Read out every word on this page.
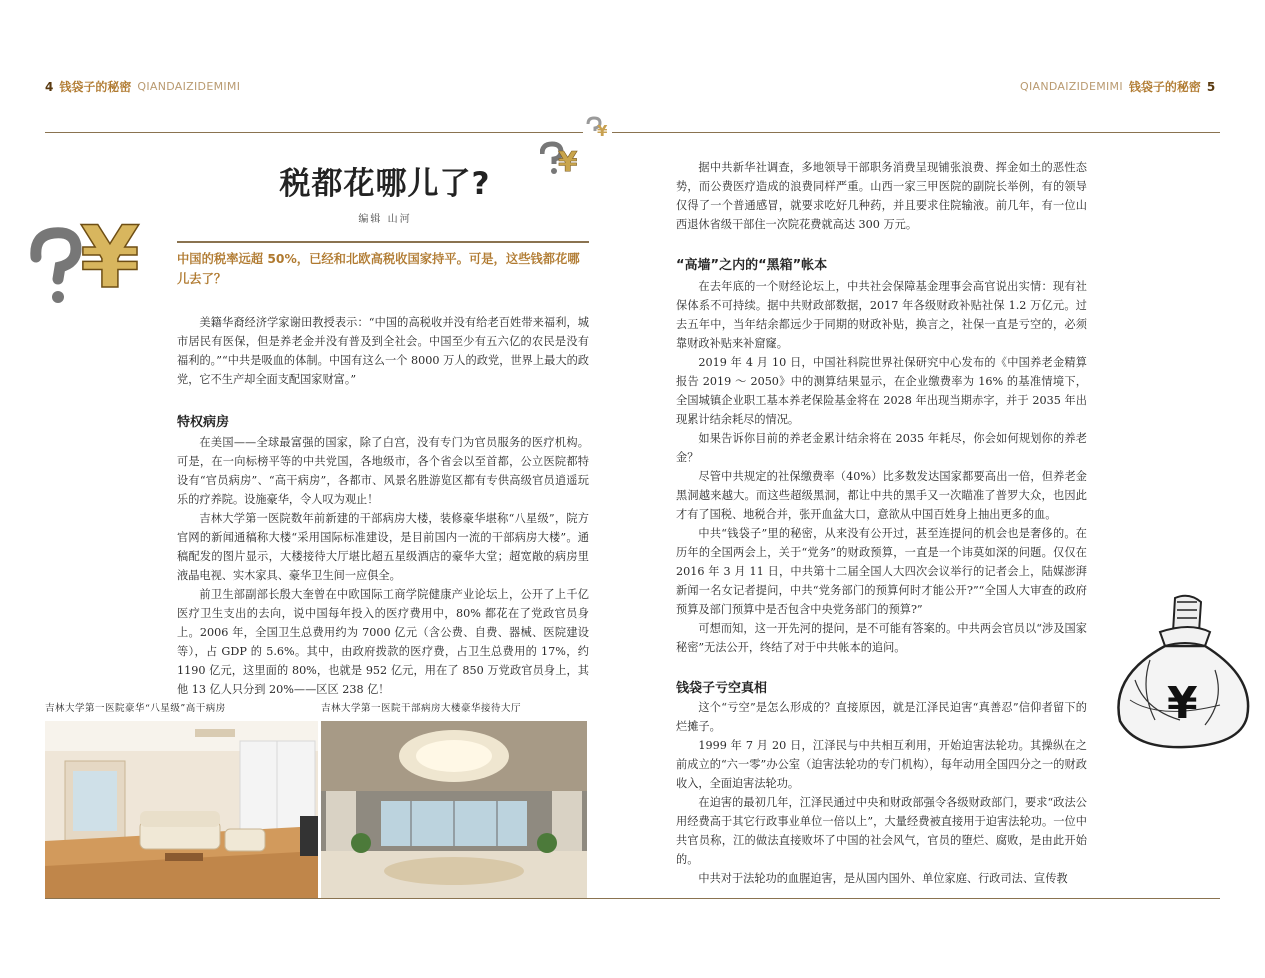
4 钱袋子的秘密 QIANDAIZIDEMIMI	QIANDAIZIDEMIMI 钱袋子的秘密 5
¥
¥
¥
税都花哪儿了?
编辑 山河
中国的税率远超 50%，已经和北欧高税收国家持平。可是，这些钱都花哪儿去了？

美籍华裔经济学家谢田教授表示：“中国的高税收并没有给老百姓带来福利，城市居民有医保，但是养老金并没有普及到全社会。中国至少有五六亿的农民是没有福利的。”“中共是吸血的体制。中国有这么一个 8000 万人的政党，世界上最大的政党，它不生产却全面支配国家财富。”

特权病房

在美国——全球最富强的国家，除了白宫，没有专门为官员服务的医疗机构。可是，在一向标榜平等的中共党国，各地级市，各个省会以至首都，公立医院都特设有“官员病房”、“高干病房”，各都市、风景名胜游览区都有专供高级官员逍遥玩乐的疗养院。设施豪华，令人叹为观止！

吉林大学第一医院数年前新建的干部病房大楼，装修豪华堪称“八星级”，院方官网的新闻通稿称大楼“采用国际标准建设，是目前国内一流的干部病房大楼”。通稿配发的图片显示，大楼接待大厅堪比超五星级酒店的豪华大堂；超宽敞的病房里液晶电视、实木家具、豪华卫生间一应俱全。

前卫生部副部长殷大奎曾在中欧国际工商学院健康产业论坛上，公开了上千亿医疗卫生支出的去向，说中国每年投入的医疗费用中，80% 都花在了党政官员身上。2006 年，全国卫生总费用约为 7000 亿元（含公费、自费、器械、医院建设等），占 GDP 的 5.6%。其中，由政府拨款的医疗费，占卫生总费用的 17%，约 1190 亿元，这里面的 80%，也就是 952 亿元，用在了 850 万党政官员身上，其他 13 亿人只分到 20%——区区 238 亿！

吉林大学第一医院豪华“八星级”高干病房	吉林大学第一医院干部病房大楼豪华接待大厅

据中共新华社调查，多地领导干部职务消费呈现铺张浪费、挥金如土的恶性态势，而公费医疗造成的浪费同样严重。山西一家三甲医院的副院长举例，有的领导仅得了一个普通感冒，就要求吃好几种药，并且要求住院输液。前几年，有一位山西退休省级干部住一次院花费就高达 300 万元。

“高墙”之内的“黑箱”帐本

在去年底的一个财经论坛上，中共社会保障基金理事会高官说出实情：现有社保体系不可持续。据中共财政部数据，2017 年各级财政补贴社保 1.2 万亿元。过去五年中，当年结余都远少于同期的财政补贴，换言之，社保一直是亏空的，必须靠财政补贴来补窟窿。

2019 年 4 月 10 日，中国社科院世界社保研究中心发布的《中国养老金精算报告 2019 ～ 2050》中的测算结果显示，在企业缴费率为 16% 的基准情境下，全国城镇企业职工基本养老保险基金将在 2028 年出现当期赤字，并于 2035 年出现累计结余耗尽的情况。

如果告诉你目前的养老金累计结余将在 2035 年耗尽，你会如何规划你的养老金？

尽管中共规定的社保缴费率（40%）比多数发达国家都要高出一倍，但养老金黑洞越来越大。而这些超级黑洞，都让中共的黑手又一次瞄准了普罗大众，也因此才有了国税、地税合并，张开血盆大口，意欲从中国百姓身上抽出更多的血。

中共“钱袋子”里的秘密，从来没有公开过，甚至连提问的机会也是奢侈的。在历年的全国两会上，关于“党务”的财政预算，一直是一个讳莫如深的问题。仅仅在 2016 年 3 月 11 日，中共第十二届全国人大四次会议举行的记者会上，陆媒澎湃新闻一名女记者提问，中共“党务部门的预算何时才能公开?”“全国人大审查的政府预算及部门预算中是否包含中央党务部门的预算?”

可想而知，这一开先河的提问，是不可能有答案的。中共两会官员以“涉及国家秘密”无法公开，终结了对于中共帐本的追问。

钱袋子亏空真相

这个“亏空”是怎么形成的？直接原因，就是江泽民迫害“真善忍”信仰者留下的烂摊子。

1999 年 7 月 20 日，江泽民与中共相互利用，开始迫害法轮功。其操纵在之前成立的“六一零”办公室（迫害法轮功的专门机构），每年动用全国四分之一的财政收入，全面迫害法轮功。

在迫害的最初几年，江泽民通过中央和财政部强令各级财政部门，要求“政法公用经费高于其它行政事业单位一倍以上”，大量经费被直接用于迫害法轮功。一位中共官员称，江的做法直接败坏了中国的社会风气，官员的堕烂、腐败，是由此开始的。

中共对于法轮功的血腥迫害，是从国内国外、单位家庭、行政司法、宣传教

¥
